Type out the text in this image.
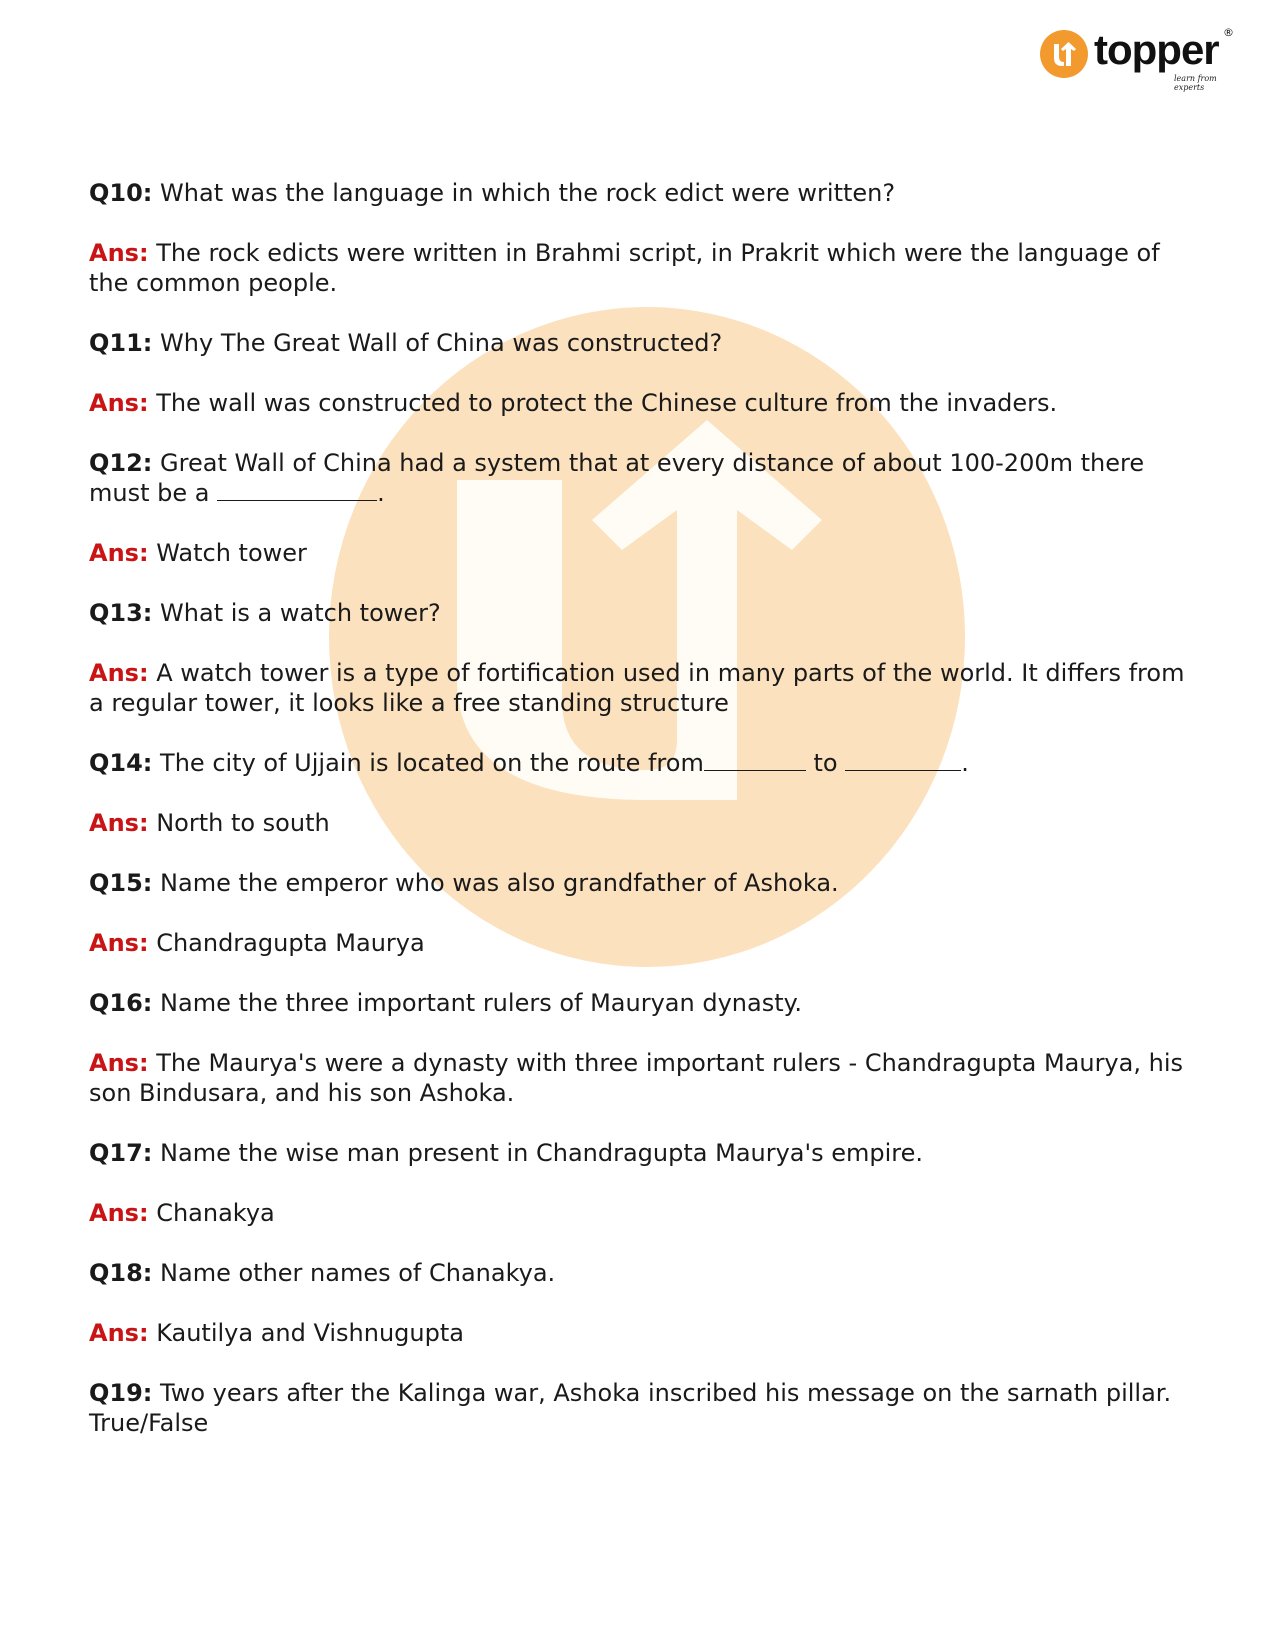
topper ®
learn from experts
Q10: What was the language in which the rock edict were written?
Ans: The rock edicts were written in Brahmi script, in Prakrit which were the language of the common people.
Q11: Why The Great Wall of China was constructed?
Ans: The wall was constructed to protect the Chinese culture from the invaders.
Q12: Great Wall of China had a system that at every distance of about 100-200m there must be a	.
Ans: Watch tower
Q13: What is a watch tower?
Ans: A watch tower is a type of fortification used in many parts of the world. It differs from a regular tower, it looks like a free standing structure
Q14: The city of Ujjain is located on the route from	to	.
Ans: North to south
Q15: Name the emperor who was also grandfather of Ashoka.
Ans: Chandragupta Maurya
Q16: Name the three important rulers of Mauryan dynasty.
Ans: The Maurya's were a dynasty with three important rulers - Chandragupta Maurya, his son Bindusara, and his son Ashoka.
Q17: Name the wise man present in Chandragupta Maurya's empire.
Ans: Chanakya
Q18: Name other names of Chanakya.
Ans: Kautilya and Vishnugupta
Q19: Two years after the Kalinga war, Ashoka inscribed his message on the sarnath pillar. True/False
